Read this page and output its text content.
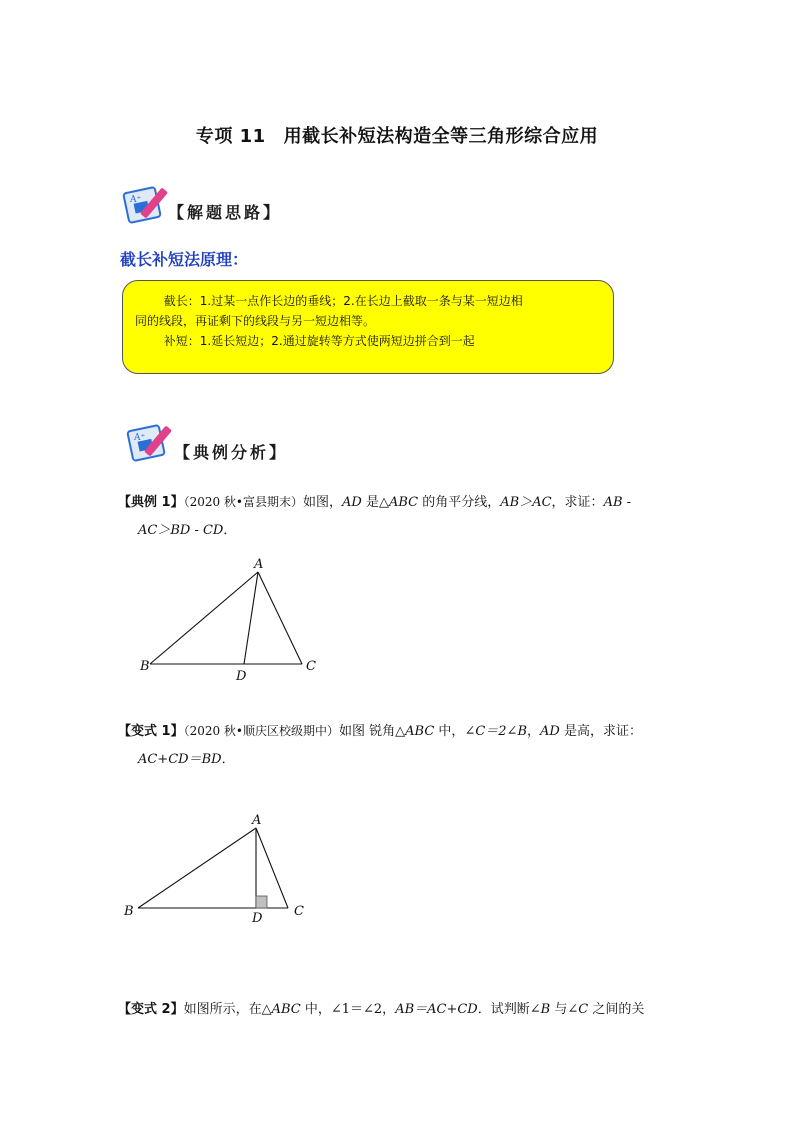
专项 11 用截长补短法构造全等三角形综合应用
A⁺
【解题思路】
截长补短法原理：

截长：1.过某一点作长边的垂线；2.在长边上截取一条与某一短边相

同的线段，再证剩下的线段与另一短边相等。

补短：1.延长短边；2.通过旋转等方式使两短边拼合到一起

A⁺
【典例分析】
【典例 1】（2020 秋•富县期末）如图，AD 是△ABC 的角平分线，AB＞AC，求证：AB -
AC＞BD - CD．
A
B	C
D
【变式 1】（2020 秋•顺庆区校级期中）如图 锐角△ABC 中，∠C＝2∠B，AD 是高，求证：
AC+CD＝BD．
A
B	C
D
【变式 2】如图所示，在△ABC 中，∠1＝∠2，AB＝AC+CD．试判断∠B 与∠C 之间的关
